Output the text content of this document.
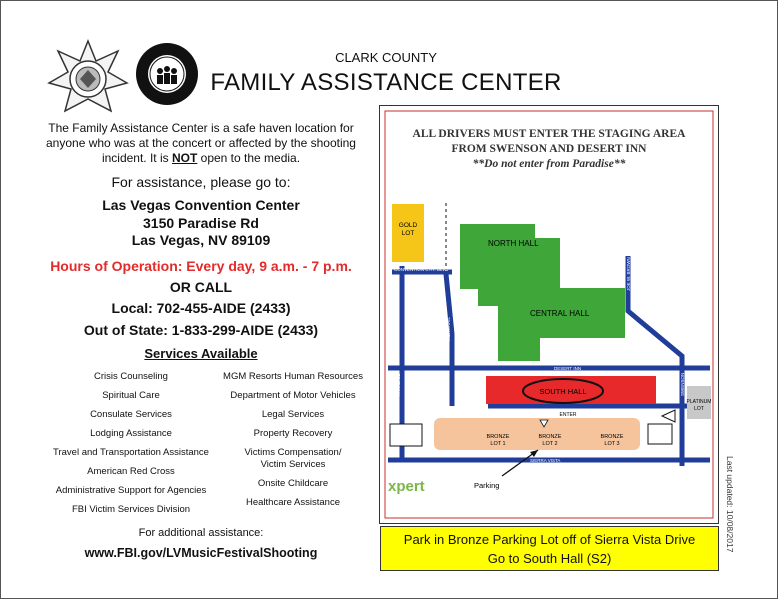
CLARK COUNTY
FAMILY ASSISTANCE CENTER
The Family Assistance Center is a safe haven location for
anyone who was at the concert or affected by the shooting
incident. It is NOT open to the media.
For assistance, please go to:
Las Vegas Convention Center
3150 Paradise Rd
Las Vegas, NV 89109
Hours of Operation: Every day, 9 a.m. - 7 p.m.
OR CALL
Local: 702-455-AIDE (2433)
Out of State: 1-833-299-AIDE (2433)
Services Available
Crisis Counseling
Spiritual Care
Consulate Services
Lodging Assistance
Travel and Transportation Assistance
American Red Cross
Administrative Support for Agencies
FBI Victim Services Division
MGM Resorts Human Resources
Department of Motor Vehicles
Legal Services
Property Recovery
Victims Compensation/
Victim Services
Onsite Childcare
Healthcare Assistance
For additional assistance:
www.FBI.gov/LVMusicFestivalShooting
ALL DRIVERS MUST ENTER THE STAGING AREA
FROM SWENSON AND DESERT INN
**Do not enter from Paradise**
GOLD
LOT
NORTH HALL
CENTRAL HALL
SOUTH HALL
PLATINUM
LOT
ENTER
BRONZE
LOT 1
BRONZE
LOT 2
BRONZE
LOT 3
CONVENTION CTR. BLVD
DESERT INN
SIERRA VISTA
PARADISE
MONORAIL
JOE W. BROWN
SWENSON
Parking
xpert
Park in Bronze Parking Lot off of Sierra Vista Drive
Go to South Hall (S2)
Last updated: 10/08/2017
